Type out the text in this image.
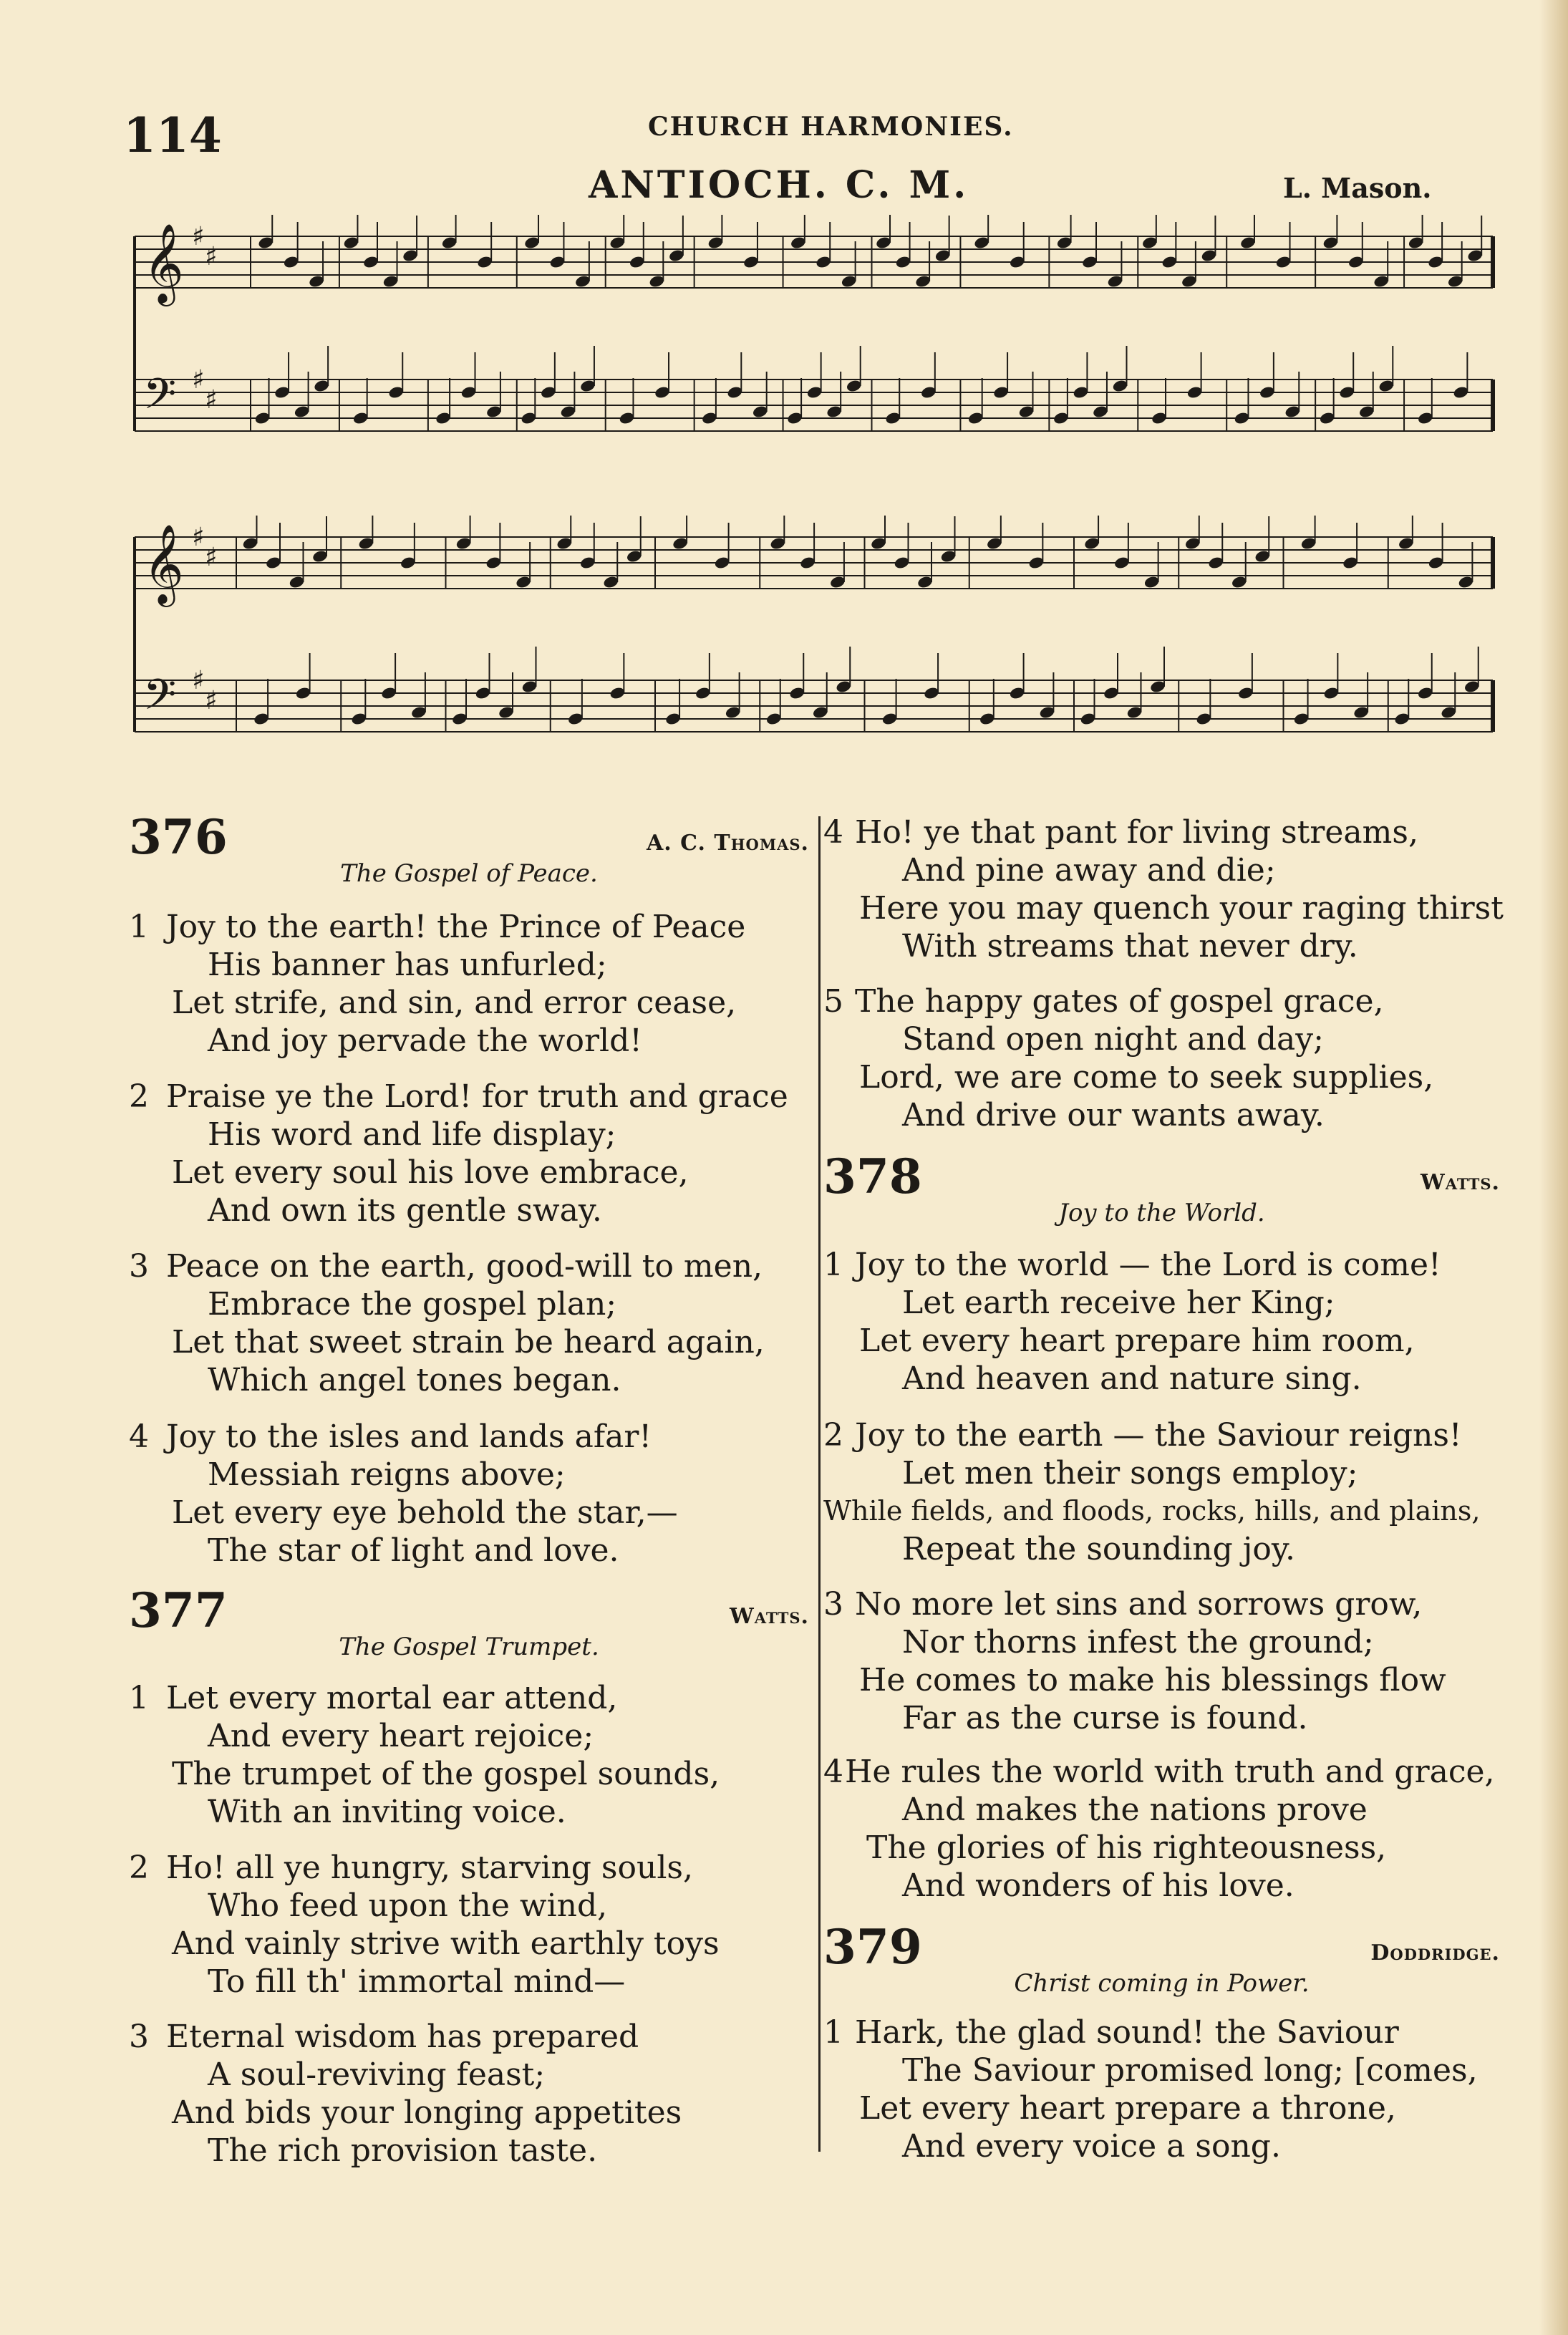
114	CHURCH HARMONIES.
ANTIOCH. C. M.	L. Mason.
𝄞 ♯
♯
𝄢 ♯
♯
𝄞 ♯
♯
𝄢 ♯
♯
376	A. C. Thomas.
The Gospel of Peace.
1 Joy to the earth! the Prince of Peace
His banner has unfurled;
Let strife, and sin, and error cease,
And joy pervade the world!
2 Praise ye the Lord! for truth and grace
His word and life display;
Let every soul his love embrace,
And own its gentle sway.
3 Peace on the earth, good-will to men,
Embrace the gospel plan;
Let that sweet strain be heard again,
Which angel tones began.
4 Joy to the isles and lands afar!
Messiah reigns above;
Let every eye behold the star,—
The star of light and love.
377	Watts.
The Gospel Trumpet.
1 Let every mortal ear attend,
And every heart rejoice;
The trumpet of the gospel sounds,
With an inviting voice.
2 Ho! all ye hungry, starving souls,
Who feed upon the wind,
And vainly strive with earthly toys
To fill th' immortal mind—
3 Eternal wisdom has prepared
A soul-reviving feast;
And bids your longing appetites
The rich provision taste.
4 Ho! ye that pant for living streams,
And pine away and die;
Here you may quench your raging thirst
With streams that never dry.
5 The happy gates of gospel grace,
Stand open night and day;
Lord, we are come to seek supplies,
And drive our wants away.
378	Watts.
Joy to the World.
1 Joy to the world — the Lord is come!
Let earth receive her King;
Let every heart prepare him room,
And heaven and nature sing.
2 Joy to the earth — the Saviour reigns!
Let men their songs employ;
While fields, and floods, rocks, hills, and plains,
Repeat the sounding joy.
3 No more let sins and sorrows grow,
Nor thorns infest the ground;
He comes to make his blessings flow
Far as the curse is found.
4He rules the world with truth and grace,
And makes the nations prove
The glories of his righteousness,
And wonders of his love.
379	Doddridge.
Christ coming in Power.
1 Hark, the glad sound! the Saviour
The Saviour promised long; [comes,
Let every heart prepare a throne,
And every voice a song.
